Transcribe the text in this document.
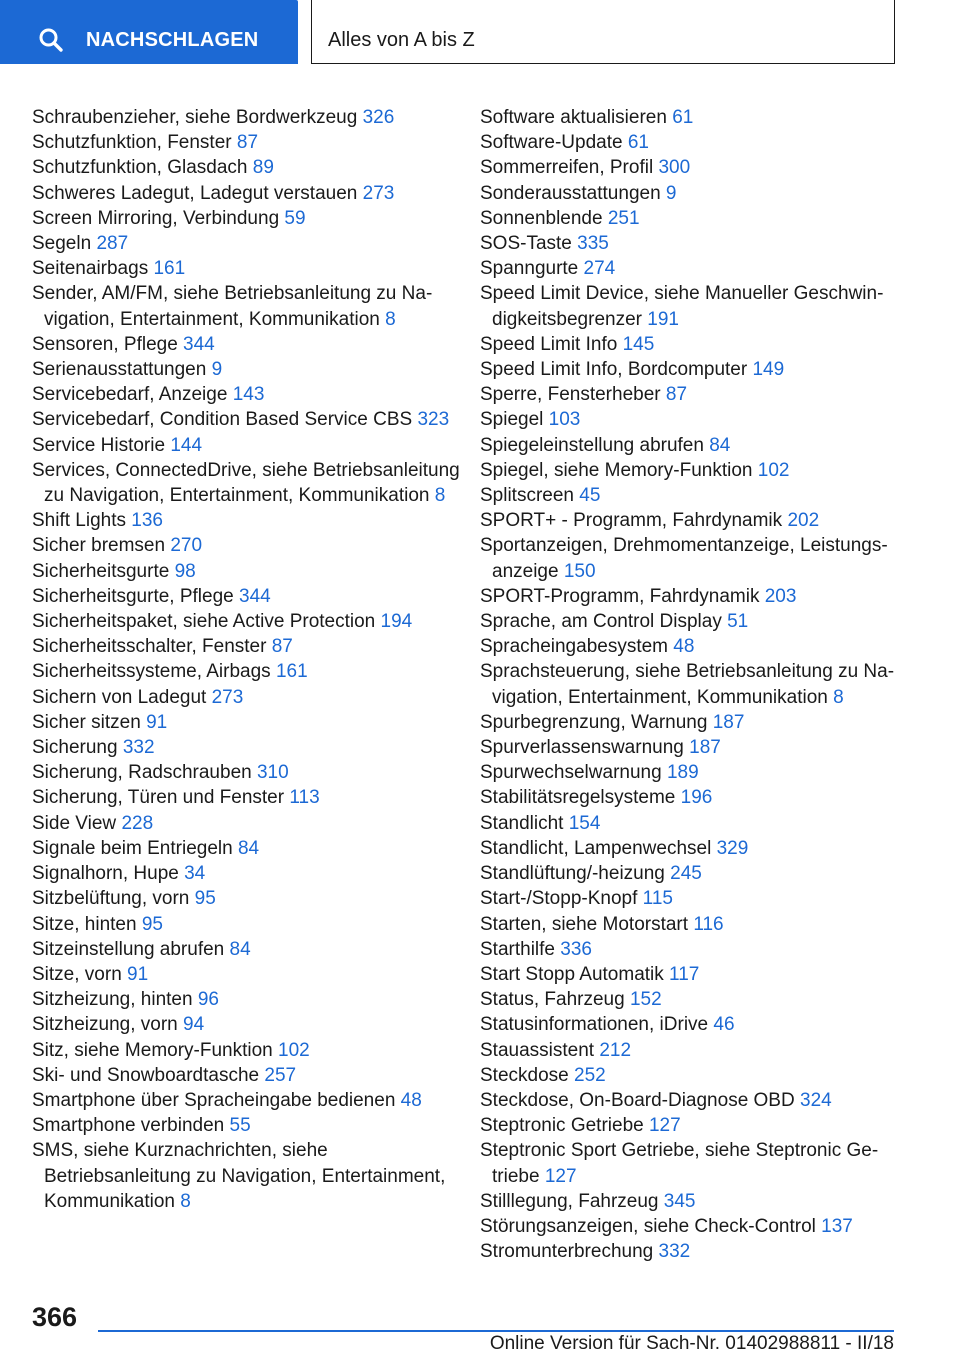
NACHSCHLAGEN	Alles von A bis Z
Schraubenzieher, siehe Bordwerkzeug 326
Schutzfunktion, Fenster 87
Schutzfunktion, Glasdach 89
Schweres Ladegut, Ladegut verstauen 273
Screen Mirroring, Verbindung 59
Segeln 287
Seitenairbags 161
Sender, AM/FM, siehe Betriebsanleitung zu Navigation, Entertainment, Kommunikation 8
Sensoren, Pflege 344
Serienausstattungen 9
Servicebedarf, Anzeige 143
Servicebedarf, Condition Based Service CBS 323
Service Historie 144
Services, ConnectedDrive, siehe Betriebsanleitung zu Navigation, Entertainment, Kommunikation 8
Shift Lights 136
Sicher bremsen 270
Sicherheitsgurte 98
Sicherheitsgurte, Pflege 344
Sicherheitspaket, siehe Active Protection 194
Sicherheitsschalter, Fenster 87
Sicherheitssysteme, Airbags 161
Sichern von Ladegut 273
Sicher sitzen 91
Sicherung 332
Sicherung, Radschrauben 310
Sicherung, Türen und Fenster 113
Side View 228
Signale beim Entriegeln 84
Signalhorn, Hupe 34
Sitzbelüftung, vorn 95
Sitze, hinten 95
Sitzeinstellung abrufen 84
Sitze, vorn 91
Sitzheizung, hinten 96
Sitzheizung, vorn 94
Sitz, siehe Memory-Funktion 102
Ski- und Snowboardtasche 257
Smartphone über Spracheingabe bedienen 48
Smartphone verbinden 55
SMS, siehe Kurznachrichten, siehe Betriebsanleitung zu Navigation, Entertainment, Kommunikation 8
Software aktualisieren 61
Software-Update 61
Sommerreifen, Profil 300
Sonderausstattungen 9
Sonnenblende 251
SOS-Taste 335
Spanngurte 274
Speed Limit Device, siehe Manueller Geschwindigkeitsbegrenzer 191
Speed Limit Info 145
Speed Limit Info, Bordcomputer 149
Sperre, Fensterheber 87
Spiegel 103
Spiegeleinstellung abrufen 84
Spiegel, siehe Memory-Funktion 102
Splitscreen 45
SPORT+ - Programm, Fahrdynamik 202
Sportanzeigen, Drehmomentanzeige, Leistungsanzeige 150
SPORT-Programm, Fahrdynamik 203
Sprache, am Control Display 51
Spracheingabesystem 48
Sprachsteuerung, siehe Betriebsanleitung zu Navigation, Entertainment, Kommunikation 8
Spurbegrenzung, Warnung 187
Spurverlassenswarnung 187
Spurwechselwarnung 189
Stabilitätsregelsysteme 196
Standlicht 154
Standlicht, Lampenwechsel 329
Standlüftung/-heizung 245
Start-/Stopp-Knopf 115
Starten, siehe Motorstart 116
Starthilfe 336
Start Stopp Automatik 117
Status, Fahrzeug 152
Statusinformationen, iDrive 46
Stauassistent 212
Steckdose 252
Steckdose, On-Board-Diagnose OBD 324
Steptronic Getriebe 127
Steptronic Sport Getriebe, siehe Steptronic Getriebe 127
Stilllegung, Fahrzeug 345
Störungsanzeigen, siehe Check-Control 137
Stromunterbrechung 332
366
Online Version für Sach-Nr. 01402988811 - II/18
